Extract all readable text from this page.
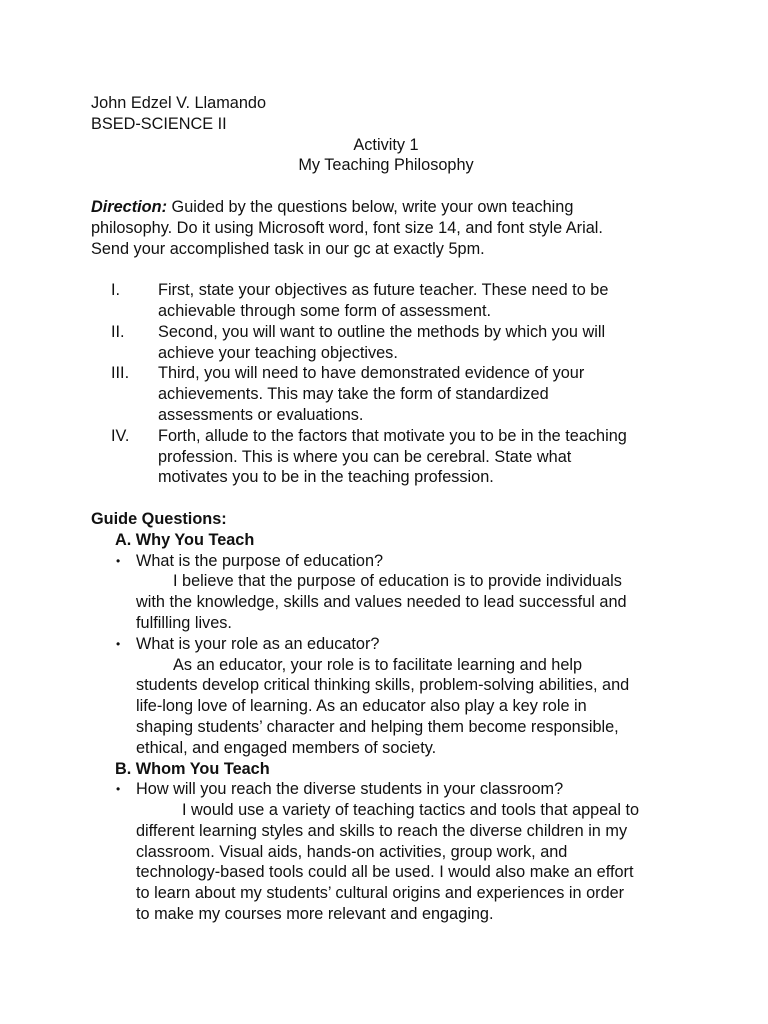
John Edzel V. Llamando
BSED-SCIENCE II
Activity 1
My Teaching Philosophy
Direction: Guided by the questions below, write your own teaching
philosophy. Do it using Microsoft word, font size 14, and font style Arial.
Send your accomplished task in our gc at exactly 5pm.
I. First, state your objectives as future teacher. These need to be
achievable through some form of assessment.
II. Second, you will want to outline the methods by which you will
achieve your teaching objectives.
III. Third, you will need to have demonstrated evidence of your
achievements. This may take the form of standardized
assessments or evaluations.
IV. Forth, allude to the factors that motivate you to be in the teaching
profession. This is where you can be cerebral. State what
motivates you to be in the teaching profession.
Guide Questions:
A. Why You Teach
• What is the purpose of education?
I believe that the purpose of education is to provide individuals
with the knowledge, skills and values needed to lead successful and
fulfilling lives.
• What is your role as an educator?
As an educator, your role is to facilitate learning and help
students develop critical thinking skills, problem-solving abilities, and
life-long love of learning. As an educator also play a key role in
shaping students’ character and helping them become responsible,
ethical, and engaged members of society.
B. Whom You Teach
• How will you reach the diverse students in your classroom?
I would use a variety of teaching tactics and tools that appeal to
different learning styles and skills to reach the diverse children in my
classroom. Visual aids, hands-on activities, group work, and
technology-based tools could all be used. I would also make an effort
to learn about my students’ cultural origins and experiences in order
to make my courses more relevant and engaging.
